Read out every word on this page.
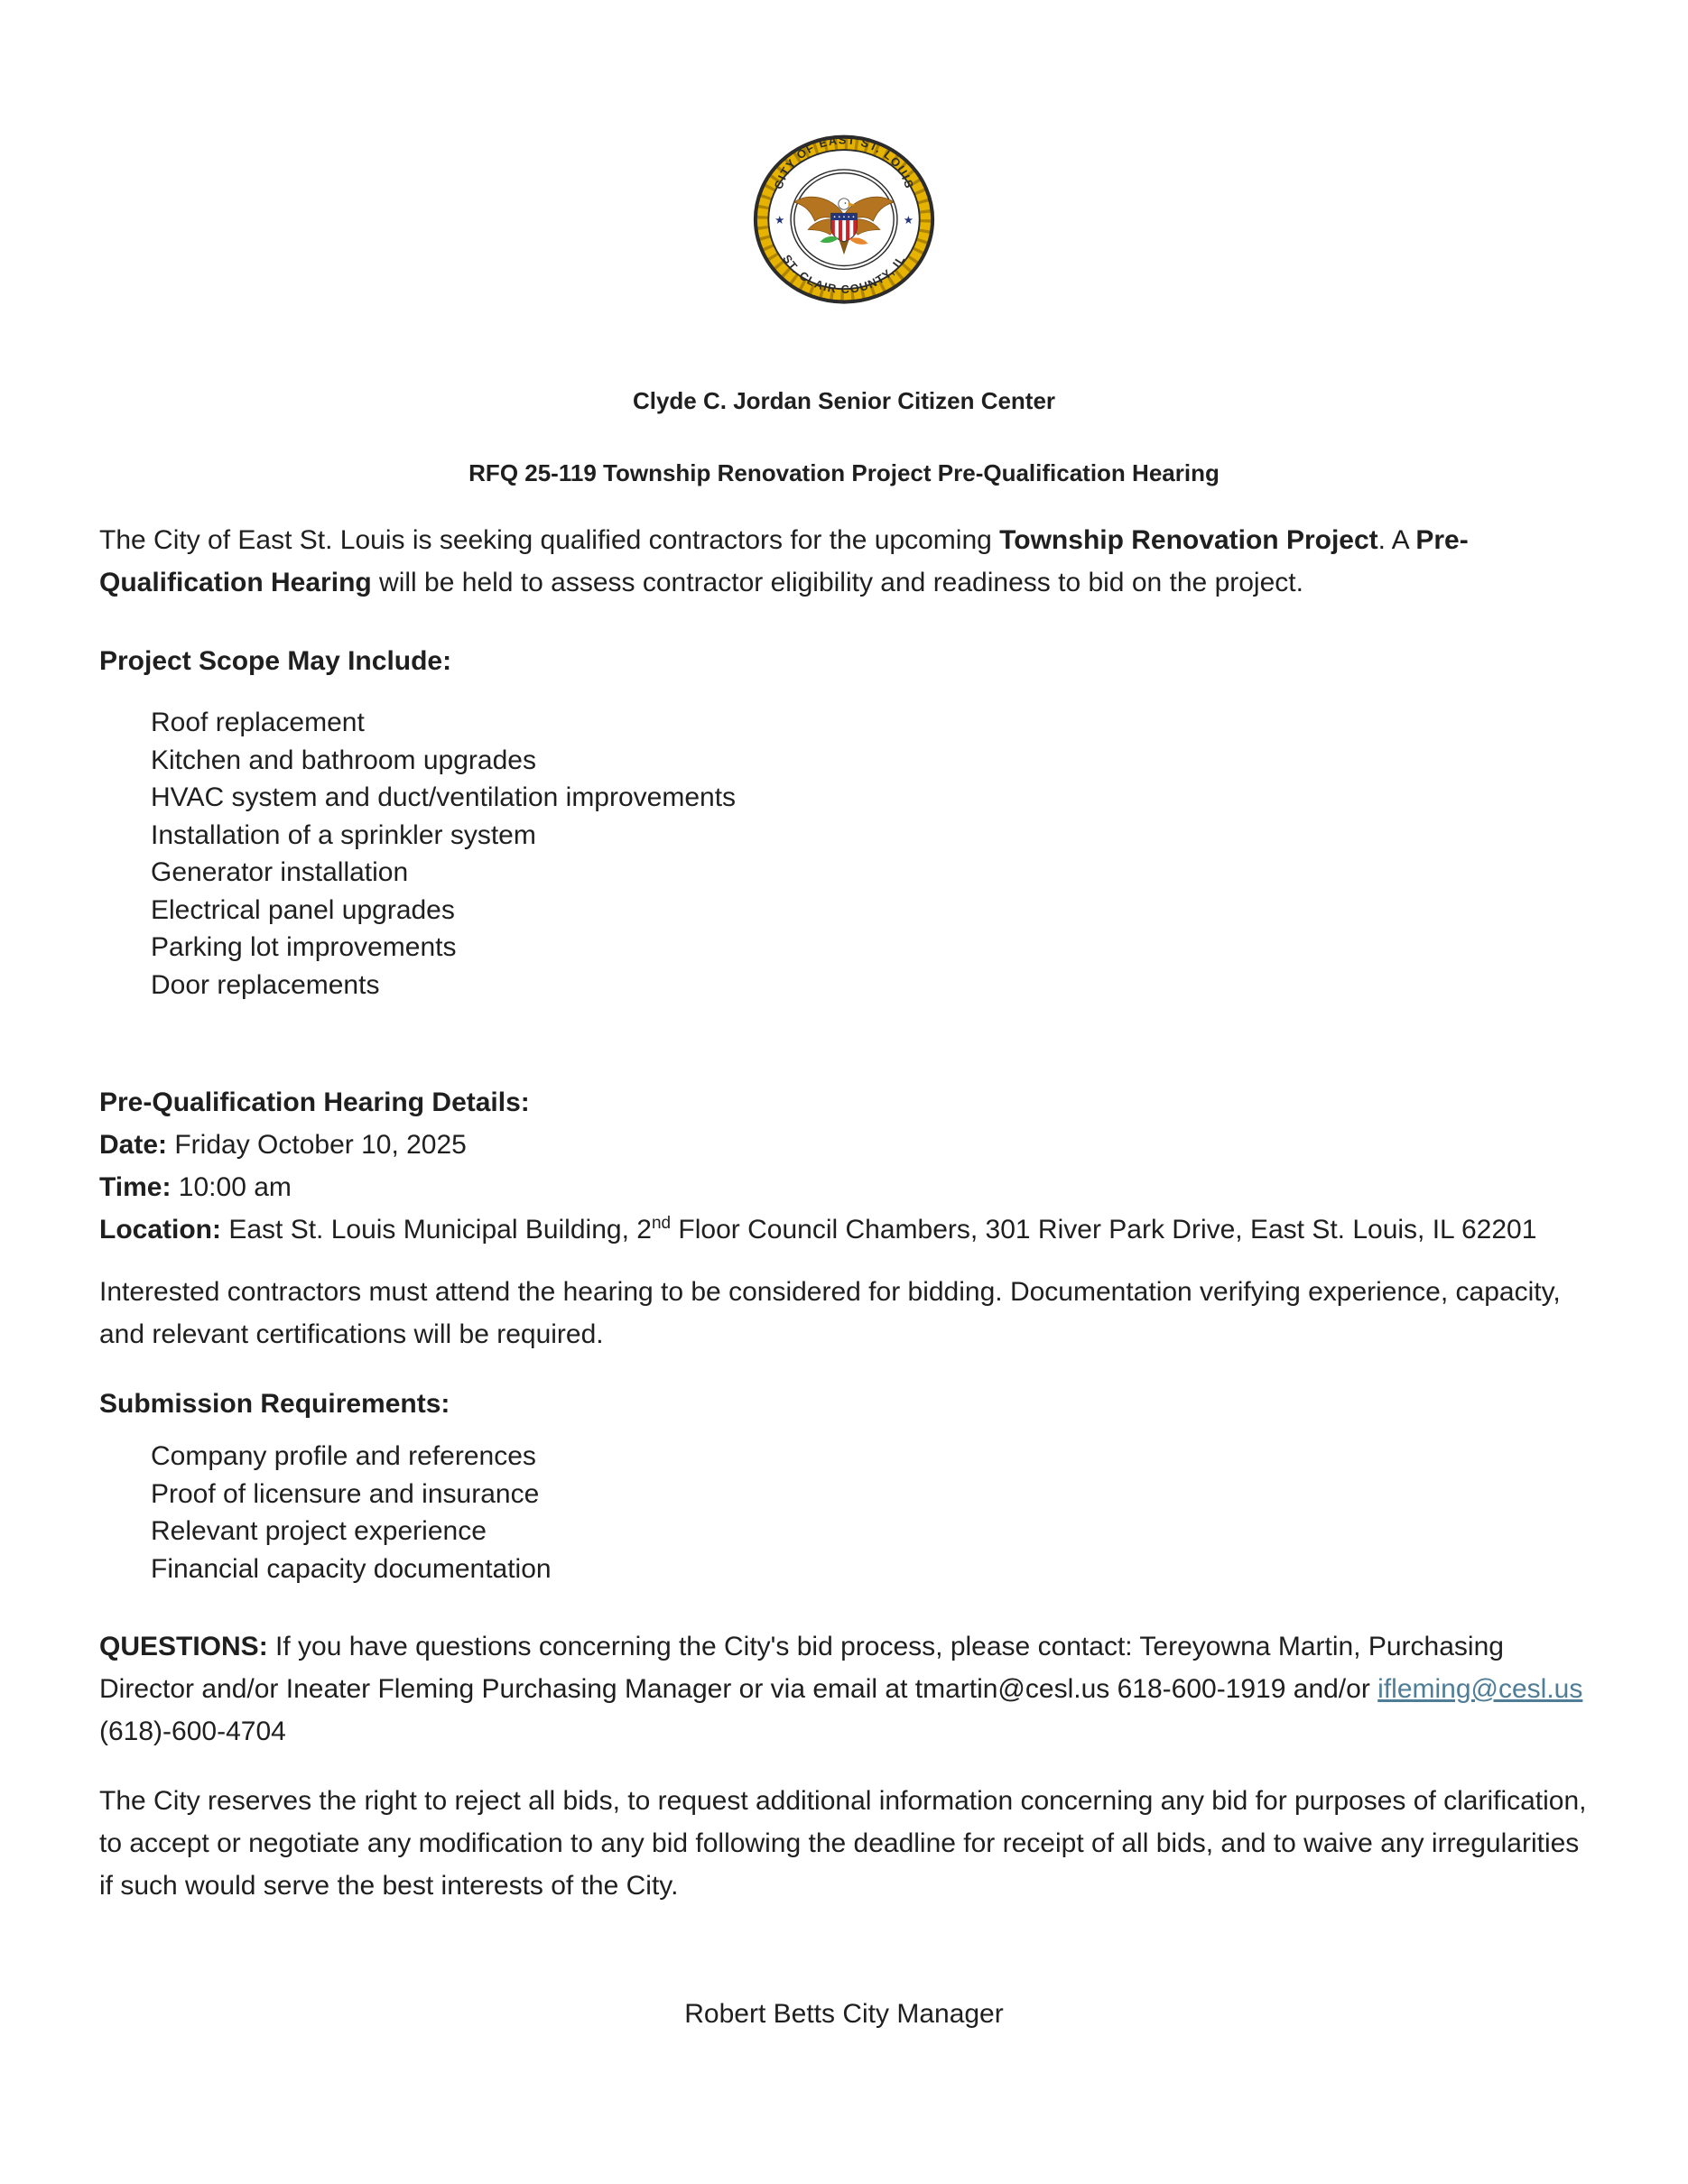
CITY OF EAST ST. LOUIS
ST. CLAIR COUNTY, IL
★	★
Clyde C. Jordan Senior Citizen Center
RFQ 25-119 Township Renovation Project Pre-Qualification Hearing

The City of East St. Louis is seeking qualified contractors for the upcoming Township Renovation Project. A Pre-Qualification Hearing will be held to assess contractor eligibility and readiness to bid on the project.

Project Scope May Include:
Roof replacement
Kitchen and bathroom upgrades
HVAC system and duct/ventilation improvements
Installation of a sprinkler system
Generator installation
Electrical panel upgrades
Parking lot improvements
Door replacements
Pre-Qualification Hearing Details:
Date: Friday October 10, 2025
Time: 10:00 am
Location: East St. Louis Municipal Building, 2nd Floor Council Chambers, 301 River Park Drive, East St. Louis, IL 62201

Interested contractors must attend the hearing to be considered for bidding. Documentation verifying experience, capacity, and relevant certifications will be required.

Submission Requirements:
Company profile and references
Proof of licensure and insurance
Relevant project experience
Financial capacity documentation

QUESTIONS: If you have questions concerning the City's bid process, please contact: Tereyowna Martin, Purchasing Director and/or Ineater Fleming Purchasing Manager or via email at tmartin@cesl.us 618-600-1919 and/or ifleming@cesl.us (618)-600-4704

The City reserves the right to reject all bids, to request additional information concerning any bid for purposes of clarification, to accept or negotiate any modification to any bid following the deadline for receipt of all bids, and to waive any irregularities if such would serve the best interests of the City.

Robert Betts City Manager
